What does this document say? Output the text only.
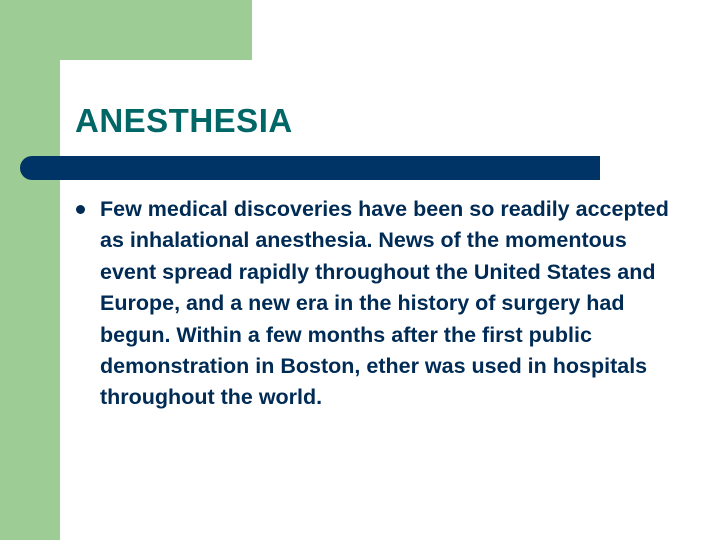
ANESTHESIA
Few medical discoveries have been so readily accepted as inhalational anesthesia. News of the momentous event spread rapidly throughout the United States and Europe, and a new era in the history of surgery had begun. Within a few months after the first public demonstration in Boston, ether was used in hospitals throughout the world.
